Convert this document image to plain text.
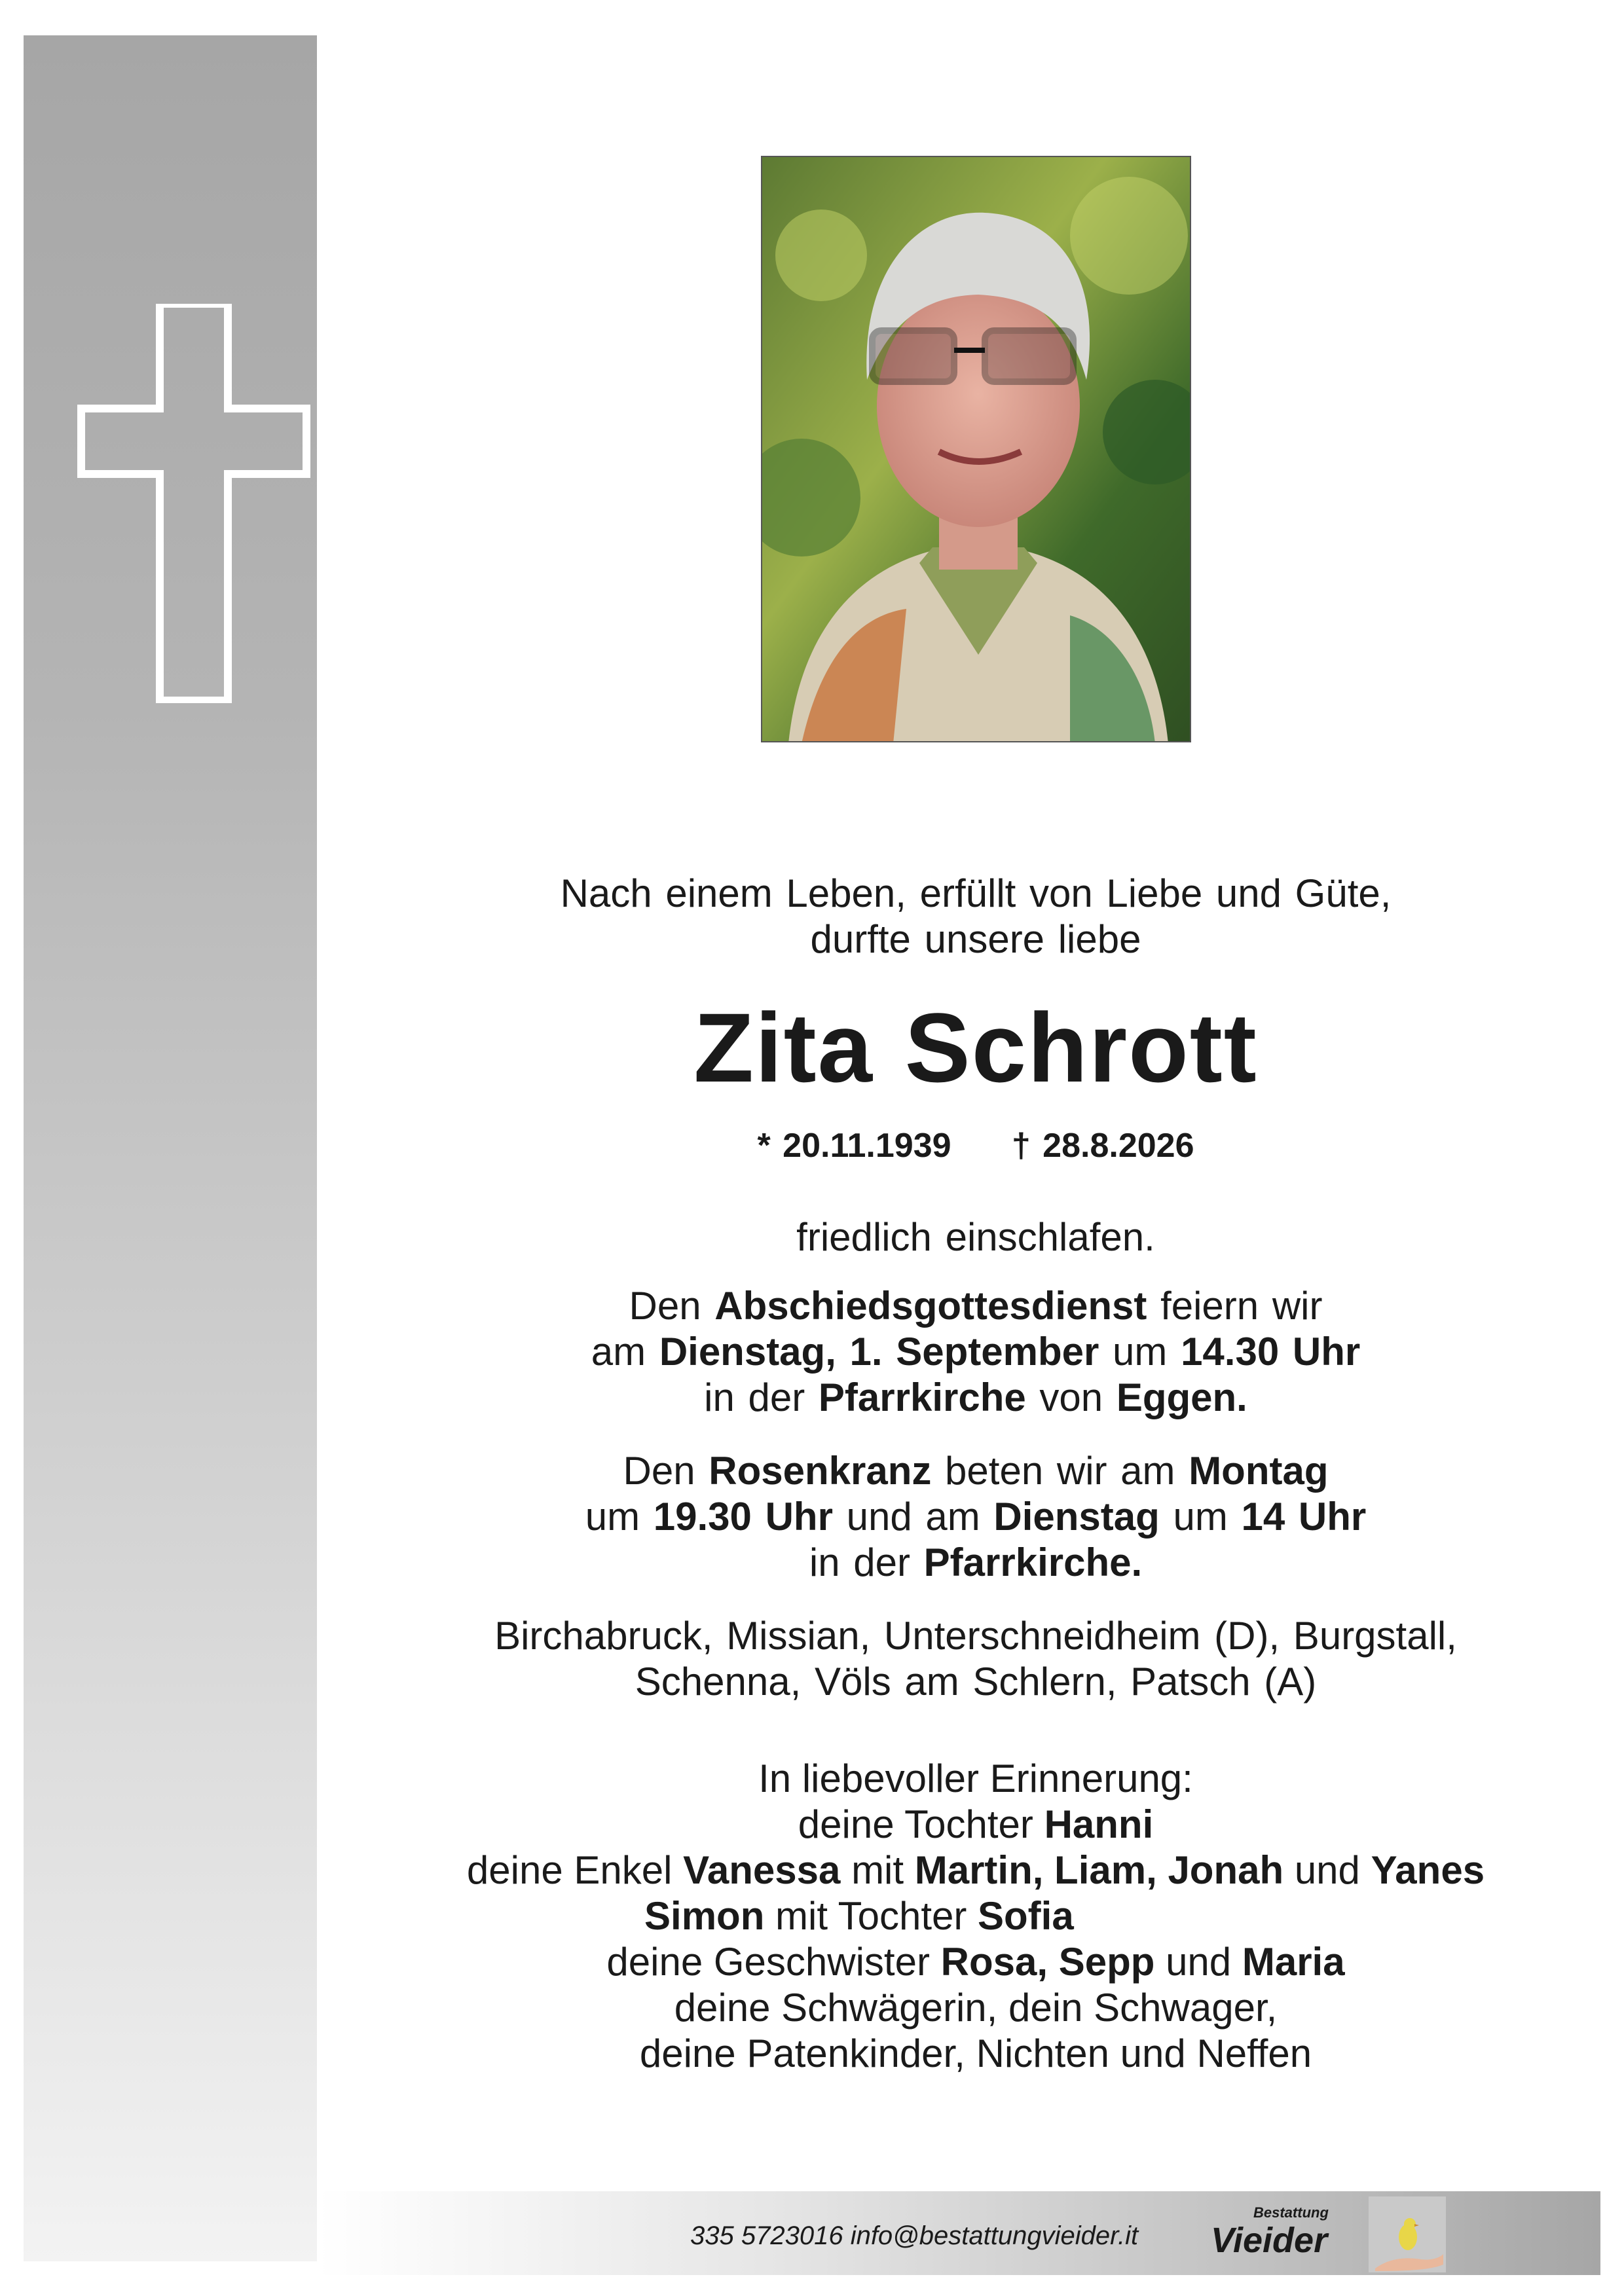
Nach einem Leben, erfüllt von Liebe und Güte,
durfte unsere liebe
Zita Schrott
* 20.11.1939 † 28.8.2026
friedlich einschlafen.
Den Abschiedsgottesdienst feiern wir
am Dienstag, 1. September um 14.30 Uhr
in der Pfarrkirche von Eggen.
Den Rosenkranz beten wir am Montag
um 19.30 Uhr und am Dienstag um 14 Uhr
in der Pfarrkirche.
Birchabruck, Missian, Unterschneidheim (D), Burgstall,
Schenna, Völs am Schlern, Patsch (A)
In liebevoller Erinnerung:
deine Tochter Hanni
deine Enkel Vanessa mit Martin, Liam, Jonah und Yanes
Simon mit Tochter Sofia
deine Geschwister Rosa, Sepp und Maria
deine Schwägerin, dein Schwager,
deine Patenkinder, Nichten und Neffen
335 5723016 info@bestattungvieider.it
Bestattung
Vieider
